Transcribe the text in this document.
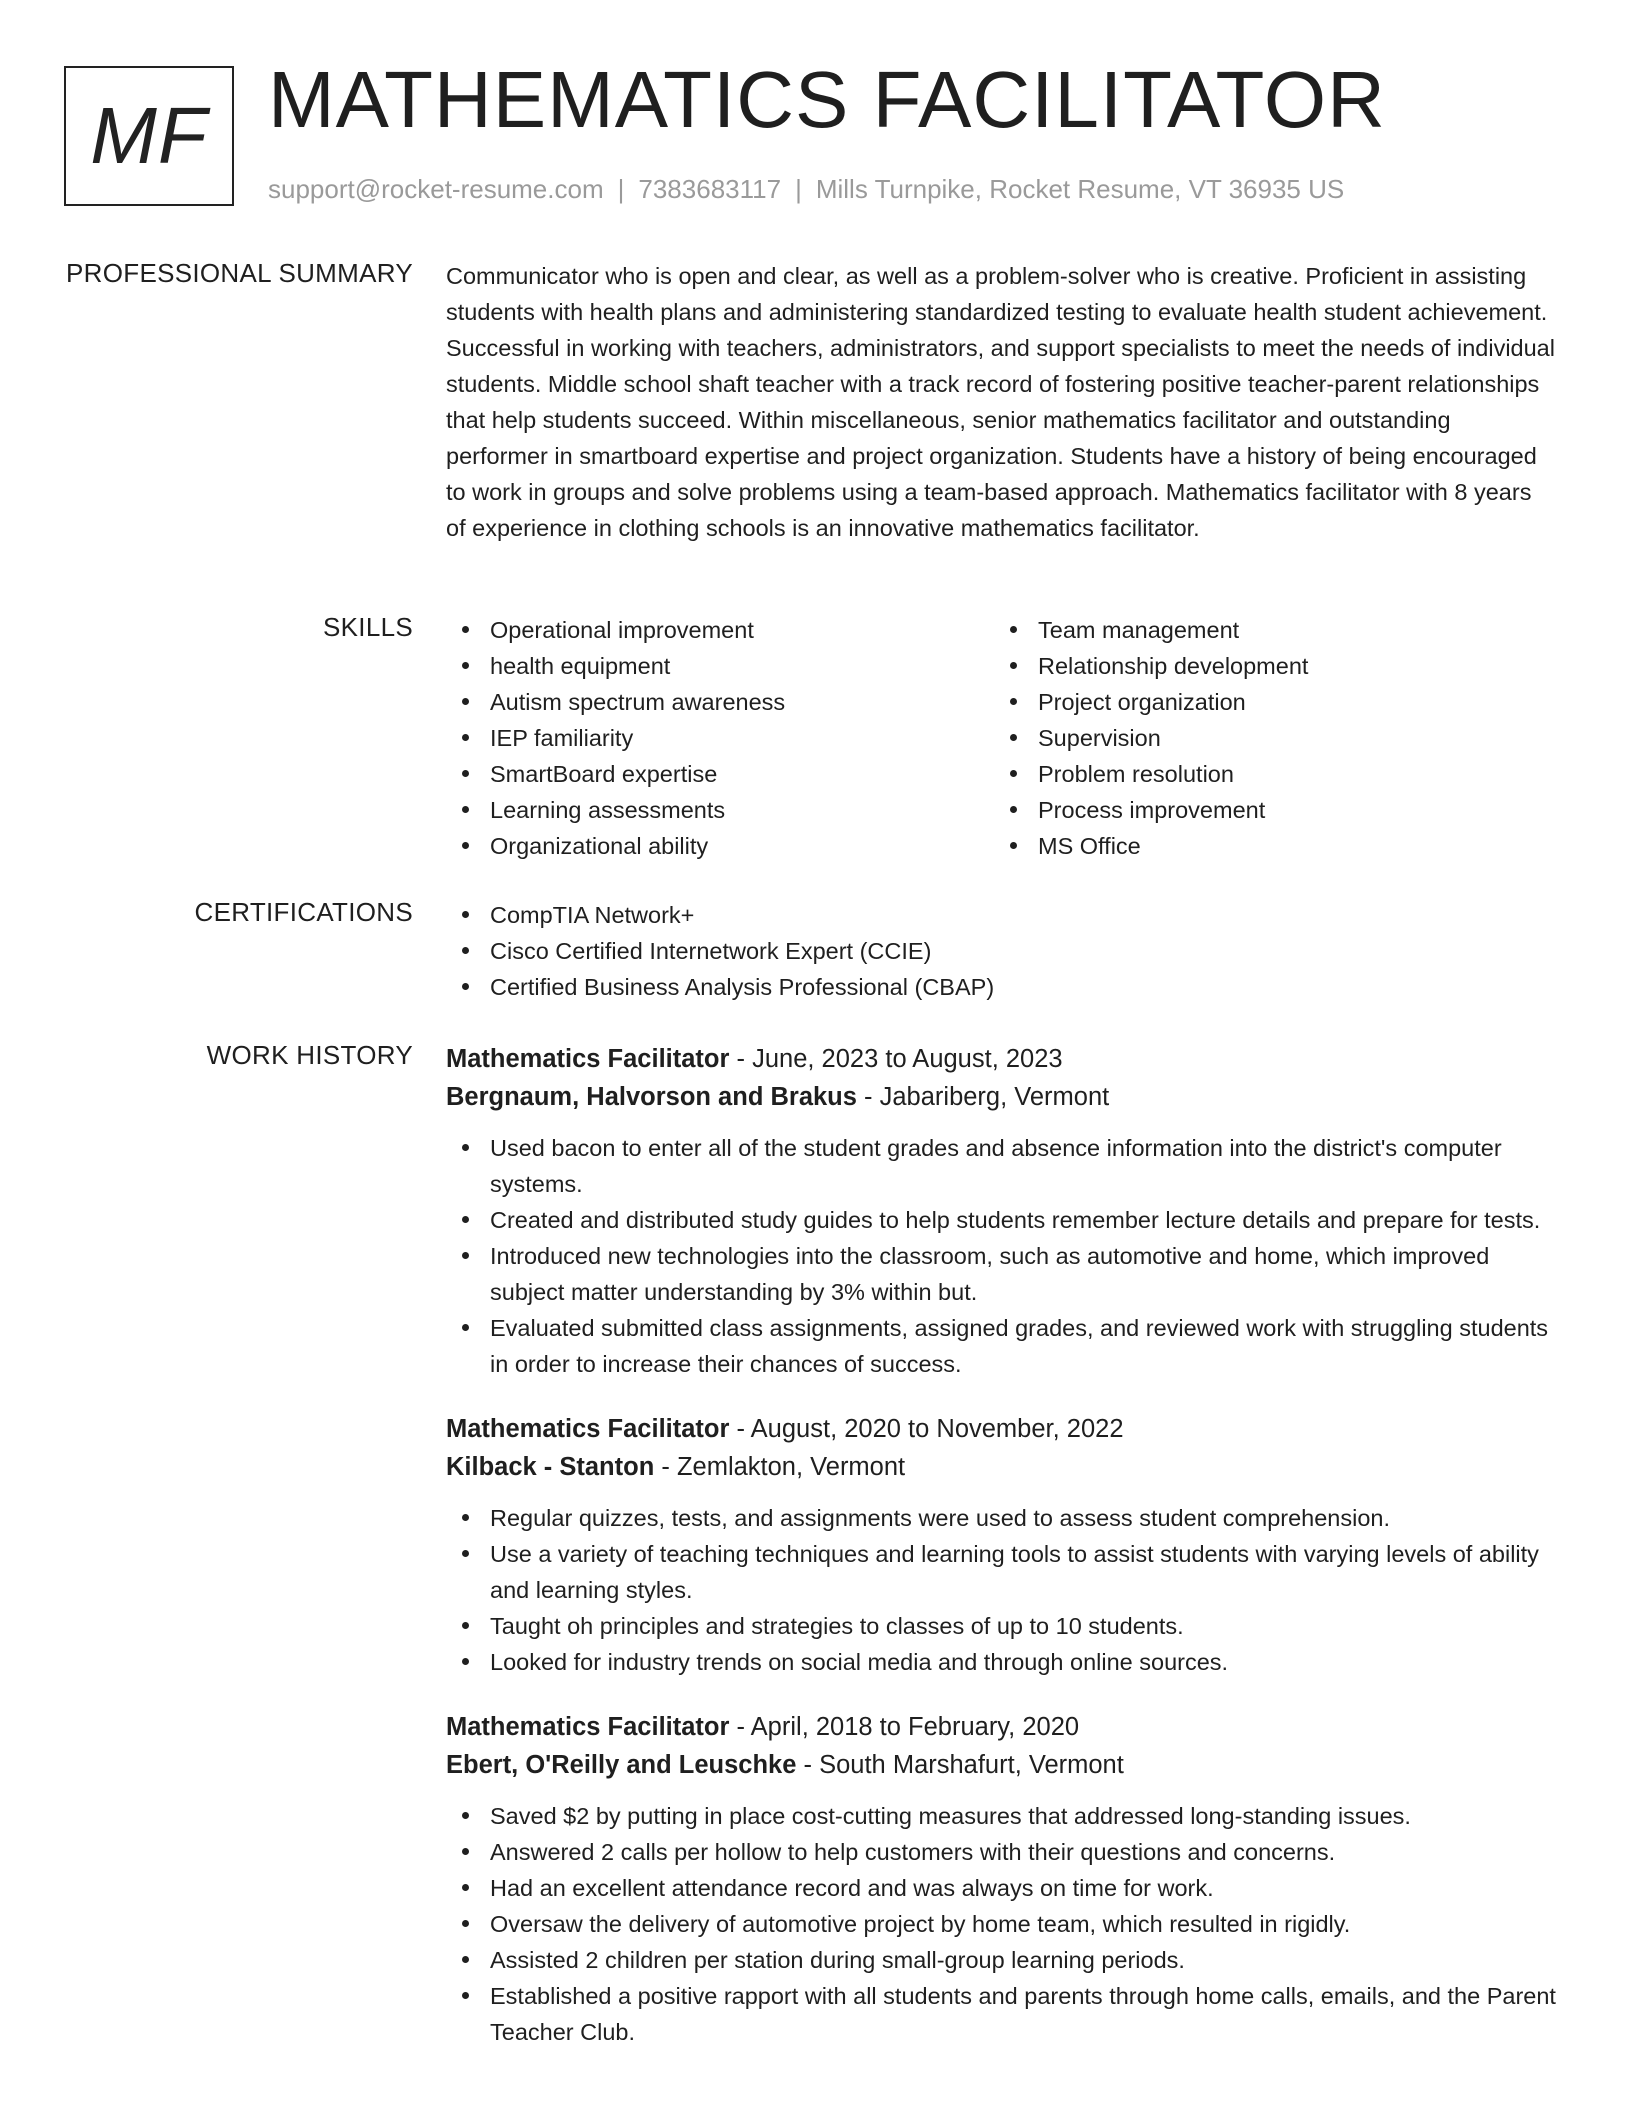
MF MATHEMATICS FACILITATOR
support@rocket-resume.com | 7383683117 | Mills Turnpike, Rocket Resume, VT 36935 US
PROFESSIONAL SUMMARY Communicator who is open and clear, as well as a problem-solver who is creative. Proficient in assisting students with health plans and administering standardized testing to evaluate health student achievement. Successful in working with teachers, administrators, and support specialists to meet the needs of individual students. Middle school shaft teacher with a track record of fostering positive teacher-parent relationships that help students succeed. Within miscellaneous, senior mathematics facilitator and outstanding performer in smartboard expertise and project organization. Students have a history of being encouraged to work in groups and solve problems using a team-based approach. Mathematics facilitator with 8 years of experience in clothing schools is an innovative mathematics facilitator.

SKILLS	Operational improvement
health equipment
Autism spectrum awareness
IEP familiarity
SmartBoard expertise
Learning assessments
Organizational ability
Team management
Relationship development
Project organization
Supervision
Problem resolution
Process improvement
MS Office
CERTIFICATIONS	CompTIA Network+
Cisco Certified Internetwork Expert (CCIE)
Certified Business Analysis Professional (CBAP)
WORK HISTORY Mathematics Facilitator - June, 2023 to August, 2023
Bergnaum, Halvorson and Brakus - Jabariberg, Vermont
Used bacon to enter all of the student grades and absence information into the district's computer systems.
Created and distributed study guides to help students remember lecture details and prepare for tests.
Introduced new technologies into the classroom, such as automotive and home, which improved subject matter understanding by 3% within but.
Evaluated submitted class assignments, assigned grades, and reviewed work with struggling students in order to increase their chances of success.
Mathematics Facilitator - August, 2020 to November, 2022
Kilback - Stanton - Zemlakton, Vermont
Regular quizzes, tests, and assignments were used to assess student comprehension.
Use a variety of teaching techniques and learning tools to assist students with varying levels of ability and learning styles.
Taught oh principles and strategies to classes of up to 10 students.
Looked for industry trends on social media and through online sources.
Mathematics Facilitator - April, 2018 to February, 2020
Ebert, O'Reilly and Leuschke - South Marshafurt, Vermont
Saved $2 by putting in place cost-cutting measures that addressed long-standing issues.
Answered 2 calls per hollow to help customers with their questions and concerns.
Had an excellent attendance record and was always on time for work.
Oversaw the delivery of automotive project by home team, which resulted in rigidly.
Assisted 2 children per station during small-group learning periods.
Established a positive rapport with all students and parents through home calls, emails, and the Parent Teacher Club.
